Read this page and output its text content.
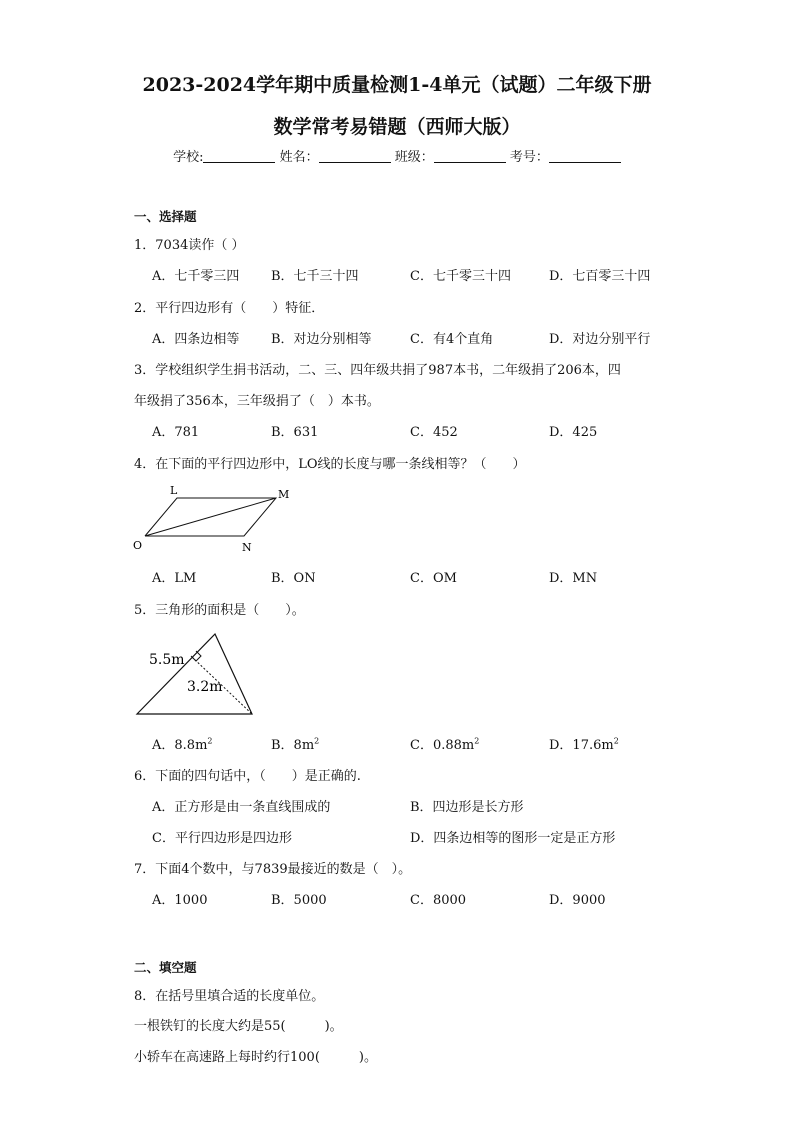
2023-2024学年期中质量检测1-4单元（试题）二年级下册
数学常考易错题（西师大版）
学校:	姓名：	班级：	考号：
一、选择题
1．7034读作（ ）
A．七千零三四 B．七千三十四	C．七千零三十四	D．七百零三十四
2．平行四边形有（　　）特征．
A．四条边相等 B．对边分别相等	C．有4个直角	D．对边分别平行
3．学校组织学生捐书活动，二、三、四年级共捐了987本书，二年级捐了206本，四
年级捐了356本，三年级捐了（　）本书。
A．781	B．631	C．452	D．425
4．在下面的平行四边形中，LO线的长度与哪一条线相等？（　　）
L	M
O	N
A．LM	B．ON	C．OM	D．MN
5．三角形的面积是（　　）。
5.5m
3.2m
A．$8.8m^2$	B．$8m^2$	C．$0.88m^2$	D．$17.6m^2$
6．下面的四句话中，（　　）是正确的.
A．正方形是由一条直线围成的	B．四边形是长方形
C．平行四边形是四边形	D．四条边相等的图形一定是正方形
7．下面4个数中，与7839最接近的数是（　）。
A．1000	B．5000	C．8000	D．9000
二、填空题
8．在括号里填合适的长度单位。
一根铁钉的长度大约是55(　　　)。
小轿车在高速路上每时约行100(　　　)。
